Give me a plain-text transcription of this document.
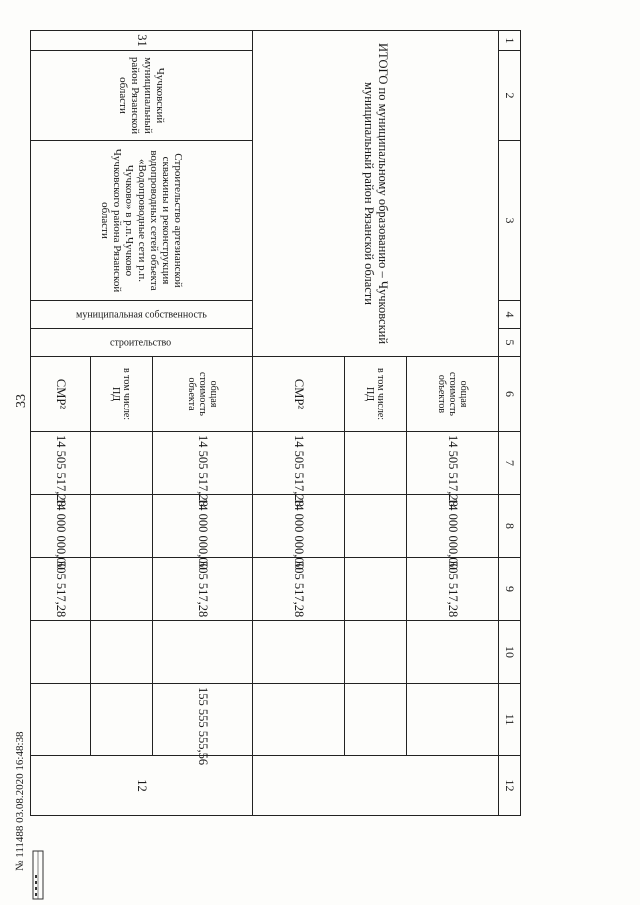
33
1	2	3	4	5	6	7	8	9	10	11	12
ИТОГО по муниципальному образованию – Чучковский муниципальный район Рязанской области					общая стоимость объектов	14 505 517,28	14 000 000,00	505 517,28			
					в том числе: ПД						
					СМР²	14 505 517,28	14 000 000,00	505 517,28			
31	Чучковский муниципальный район Рязанской области	Строительство артезианской скважины и реконструкция водопроводных сетей объекта «Водопроводные сети р.п. Чучково» в р.п.Чучково Чучковского района Рязанской области	муниципальная собственность	строительство	общая стоимость объекта	14 505 517,28	14 000 000,00	505 517,28		155 555 555,56	12
					в том числе: ПД						
					СМР²	14 505 517,28	14 000 000,00	505 517,28			
№ 111488 03.08.2020 16:48:38
